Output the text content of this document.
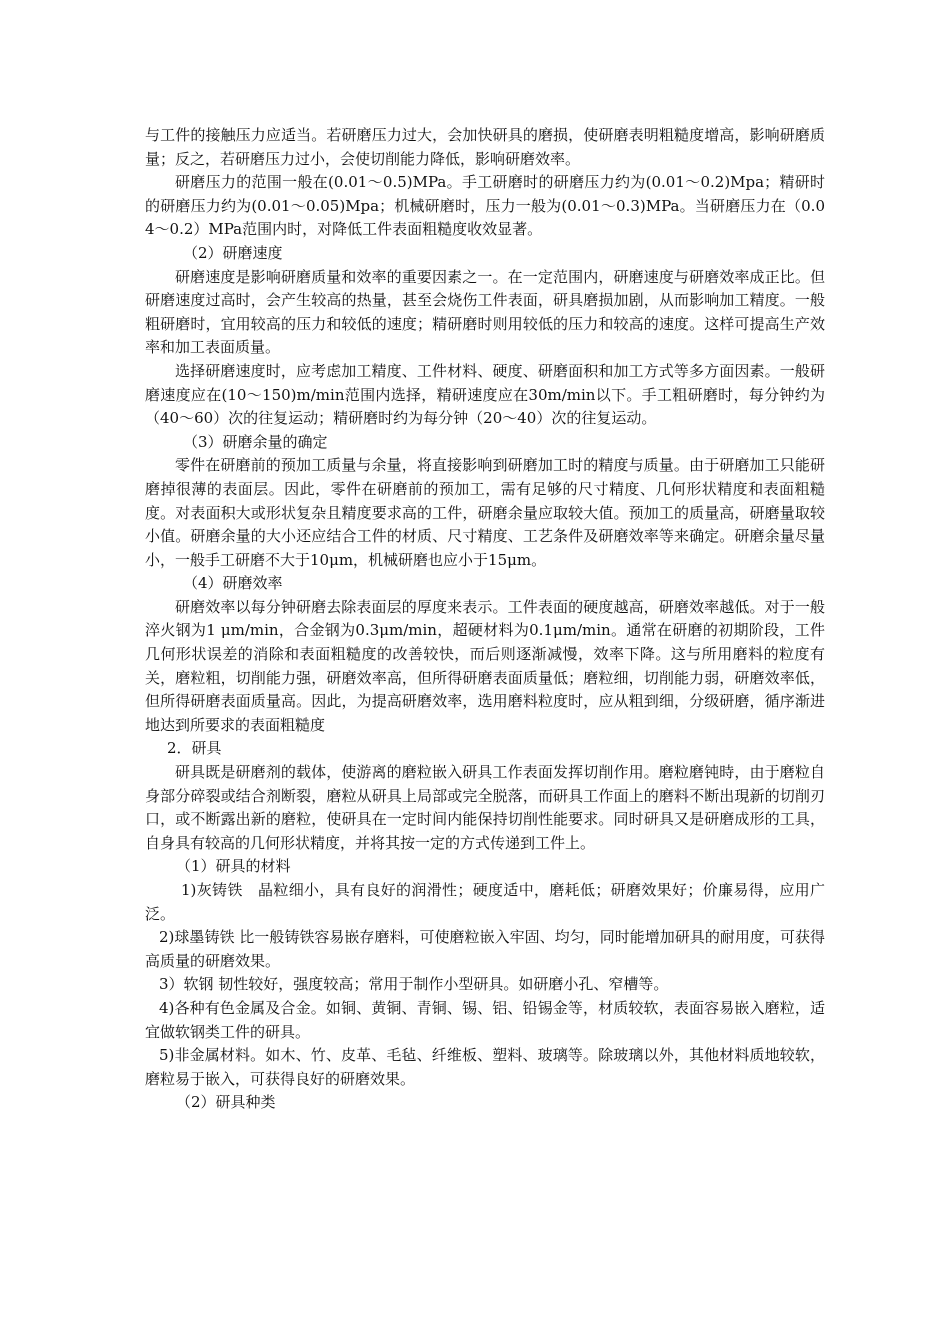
与工件的接触压力应适当。若研磨压力过大，会加快研具的磨损，使研磨表明粗糙度增高，影响研磨质量；反之，若研磨压力过小，会使切削能力降低，影响研磨效率。

研磨压力的范围一般在(0.01～0.5)MPa。手工研磨时的研磨压力约为(0.01～0.2)Mpa；精研时的研磨压力约为(0.01～0.05)Mpa；机械研磨时，压力一般为(0.01～0.3)MPa。当研磨压力在（0.04～0.2）MPa范围内时，对降低工件表面粗糙度收效显著。

（2）研磨速度

研磨速度是影响研磨质量和效率的重要因素之一。在一定范围内，研磨速度与研磨效率成正比。但研磨速度过高时，会产生较高的热量，甚至会烧伤工件表面，研具磨损加剧，从而影响加工精度。一般粗研磨时，宜用较高的压力和较低的速度；精研磨时则用较低的压力和较高的速度。这样可提高生产效率和加工表面质量。

选择研磨速度时，应考虑加工精度、工件材料、硬度、研磨面积和加工方式等多方面因素。一般研磨速度应在(10～150)m/min范围内选择，精研速度应在30m/min以下。手工粗研磨时，每分钟约为（40～60）次的往复运动；精研磨时约为每分钟（20～40）次的往复运动。

（3）研磨余量的确定

零件在研磨前的预加工质量与余量，将直接影响到研磨加工时的精度与质量。由于研磨加工只能研磨掉很薄的表面层。因此，零件在研磨前的预加工，需有足够的尺寸精度、几何形状精度和表面粗糙度。对表面积大或形状复杂且精度要求高的工件，研磨余量应取较大值。预加工的质量高，研磨量取较小值。研磨余量的大小还应结合工件的材质、尺寸精度、工艺条件及研磨效率等来确定。研磨余量尽量小，一般手工研磨不大于10μm，机械研磨也应小于15μm。

（4）研磨效率

研磨效率以每分钟研磨去除表面层的厚度来表示。工件表面的硬度越高，研磨效率越低。对于一般淬火钢为1 μm/min，合金钢为0.3μm/min，超硬材料为0.1μm/min。通常在研磨的初期阶段，工件几何形状误差的消除和表面粗糙度的改善较快，而后则逐渐减慢，效率下降。这与所用磨料的粒度有关，磨粒粗，切削能力强，研磨效率高，但所得研磨表面质量低；磨粒细，切削能力弱，研磨效率低，但所得研磨表面质量高。因此，为提高研磨效率，选用磨料粒度时，应从粗到细，分级研磨，循序渐进地达到所要求的表面粗糙度

2．研具

研具既是研磨剂的载体，使游离的磨粒嵌入研具工作表面发挥切削作用。磨粒磨钝時，由于磨粒自身部分碎裂或结合剂断裂，磨粒从研具上局部或完全脱落，而研具工作面上的磨料不断出現新的切削刃口，或不断露出新的磨粒，使研具在一定时间内能保持切削性能要求。同时研具又是研磨成形的工具，自身具有较高的几何形状精度，并将其按一定的方式传递到工件上。

（1）研具的材料

1)灰铸铁　晶粒细小，具有良好的润滑性；硬度适中，磨耗低；研磨效果好；价廉易得，应用广泛。

2)球墨铸铁 比一般铸铁容易嵌存磨料，可使磨粒嵌入牢固、均匀，同时能增加研具的耐用度，可获得高质量的研磨效果。

3）软钢 韧性较好，强度较高；常用于制作小型研具。如研磨小孔、窄槽等。

4)各种有色金属及合金。如铜、黄铜、青铜、锡、铝、铅锡金等，材质较软，表面容易嵌入磨粒，适宜做软钢类工件的研具。

5)非金属材料。如木、竹、皮革、毛毡、纤维板、塑料、玻璃等。除玻璃以外，其他材料质地较软，磨粒易于嵌入，可获得良好的研磨效果。

（2）研具种类
